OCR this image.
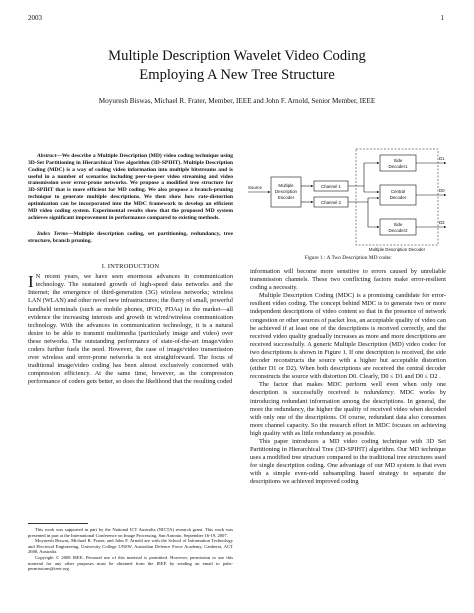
2003	1
Multiple Description Wavelet Video Coding
Employing A New Tree Structure
Moyuresh Biswas, Michael R. Frater, Member, IEEE and John F. Arnold, Senior Member, IEEE

Abstract—We describe a Multiple Description (MD) video coding technique using 3D-Set Partitioning in Hierarchical Tree algorithm (3D-SPIHT). Multiple Description Coding (MDC) is a way of coding video information into multiple bitstreams and is useful in a number of scenarios including peer-to-peer video streaming and video transmission over error-prone networks. We propose a modified tree structure for 3D-SPIHT that is more efficient for MD coding. We also propose a branch-pruning technique to generate multiple descriptions. We then show how rate-distortion optimization can be incorporated into the MDC framework to develop an efficient MD video coding system. Experimental results show that the proposed MD system achieves significant improvement in performance compared to existing methods.

Index Terms—Multiple description coding, set partitioning, redundancy, tree structure, branch pruning.

I. INTRODUCTION

I N recent years, we have seen enormous advances in communication technology. The sustained growth of high-speed data networks and the Internet; the emergence of third-generation (3G) wireless networks; wireless LAN (WLAN) and other novel new infrastructures; the flurry of small, powerful handheld terminals (such as mobile phones, iPOD, PDAs) in the market—all evidence the increasing interests and growth in wired/wireless communication technology. With the advances in communication technology, it is a natural desire to be able to transmit multimedia (particularly image and video) over these networks. The outstanding performance of state-of-the-art image/video coders further fuels the need. However, the case of image/video transmission over wireless and error-prone networks is not straightforward. The focus of traditional image/video coding has been almost exclusively concerned with compression efficiency. At the same time, however, as the compression performance of coders gets better, so does the likelihood that the resulting coded

This work was supported in part by the National ICT Australia (NICTA) research grant. This work was presented in part at the International Conference on Image Processing, San Antonio, September 16-19, 2007.

Moyuresh Biswas, Michael R. Frater, and John F. Arnold are with the School of Information Technology and Electrical Engineering, University College UNSW, Australian Defence Force Academy, Canberra, ACT 2600, Australia.

Copyright © 2008 IEEE. Personal use of this material is permitted. However, permission to use this material for any other purposes must be obtained from the IEEE by sending an email to pubs-permissions@ieee.org

Source	Multiple
Description
Encoder
Channel 1
Channel 2
Multiple Description Decoder
Side
Decoder1
Central
Decoder
Side
Decoder2
D1
D0
D2
Figure 1 : A Two Description MD codec

information will become more sensitive to errors caused by unreliable transmission channels. These two conflicting factors make error-resilient coding a necessity.

Multiple Description Coding (MDC) is a promising candidate for error-resilient video coding. The concept behind MDC is to generate two or more independent descriptions of video content so that in the presence of network congestion or other sources of packet loss, an acceptable quality of video can be achieved if at least one of the descriptions is received correctly, and the received video quality gradually increases as more and more descriptions are received successfully. A generic Multiple Description (MD) video codec for two descriptions is shown in Figure 1. If one description is received, the side decoder reconstructs the source with a higher but acceptable distortion (either D1 or D2). When both descriptions are received the central decoder reconstructs the source with distortion D0. Clearly, D0 ≤ D1 and D0 ≤ D2 .

The factor that makes MDC perform well even when only one description is successfully received is redundancy. MDC works by introducing redundant information among the descriptions. In general, the more the redundancy, the higher the quality of received video when decoded with only one of the descriptions. Of course, redundant data also consumes more channel capacity. So the research effort in MDC focuses on achieving high quality with as little redundancy as possible.

This paper introduces a MD video coding technique with 3D Set Partitioning in Hierarchical Tree (3D-SPIHT) algorithm. Our MD technique uses a modified tree structure compared to the traditional tree structures used for single description coding. One advantage of our MD system is that even with a simple even-odd subsampling based strategy to separate the descriptions we achieved improved coding
